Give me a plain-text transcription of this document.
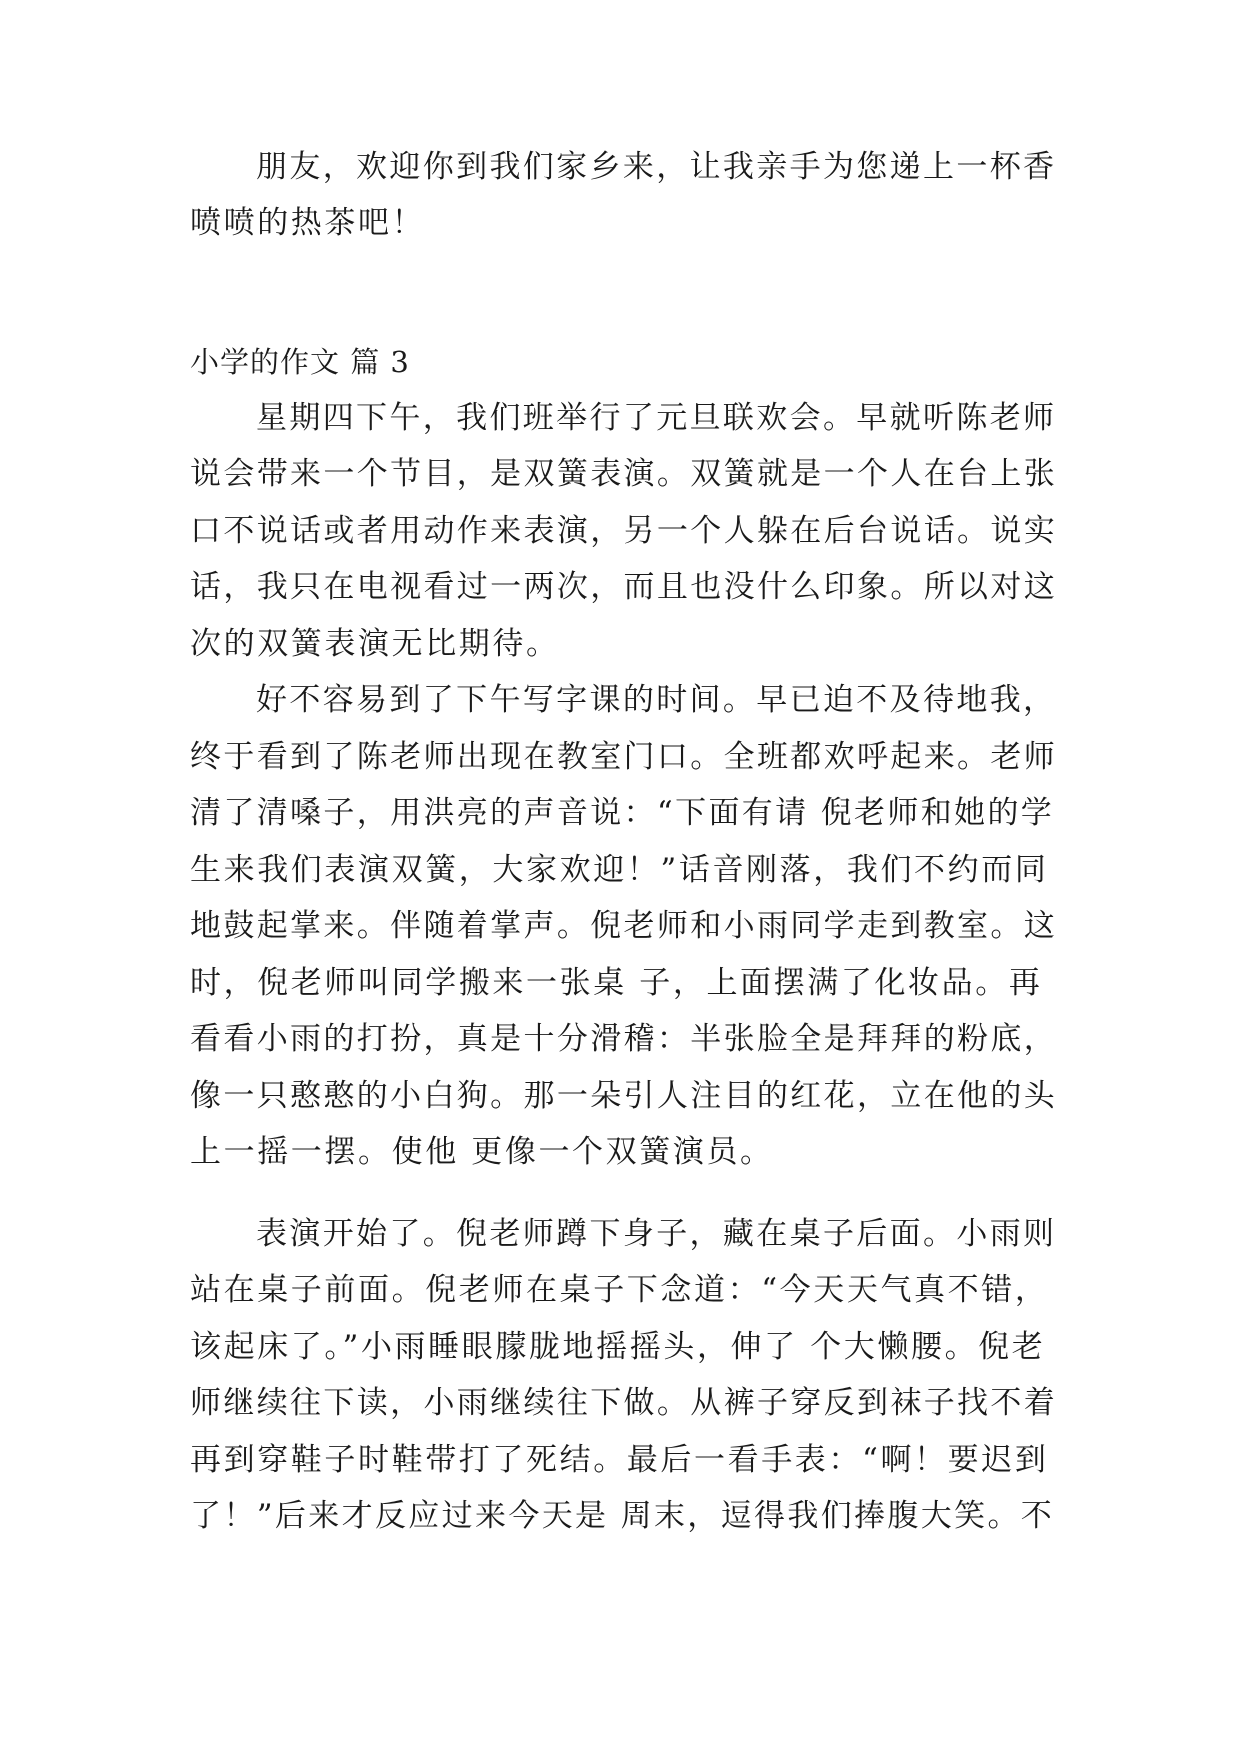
朋友，欢迎你到我们家乡来，让我亲手为您递上一杯香
喷喷的热茶吧！
小学的作文 篇 3
星期四下午，我们班举行了元旦联欢会。早就听陈老师
说会带来一个节目，是双簧表演。双簧就是一个人在台上张
口不说话或者用动作来表演，另一个人躲在后台说话。说实
话，我只在电视看过一两次，而且也没什么印象。所以对这
次的双簧表演无比期待。
好不容易到了下午写字课的时间。早已迫不及待地我，
终于看到了陈老师出现在教室门口。全班都欢呼起来。老师
清了清嗓子，用洪亮的声音说：“下面有请 倪老师和她的学
生来我们表演双簧，大家欢迎！”话音刚落，我们不约而同
地鼓起掌来。伴随着掌声。倪老师和小雨同学走到教室。这
时，倪老师叫同学搬来一张桌 子，上面摆满了化妆品。再
看看小雨的打扮，真是十分滑稽：半张脸全是拜拜的粉底，
像一只憨憨的小白狗。那一朵引人注目的红花，立在他的头
上一摇一摆。使他 更像一个双簧演员。
表演开始了。倪老师蹲下身子，藏在桌子后面。小雨则
站在桌子前面。倪老师在桌子下念道：“今天天气真不错，
该起床了。”小雨睡眼朦胧地摇摇头，伸了 个大懒腰。倪老
师继续往下读，小雨继续往下做。从裤子穿反到袜子找不着
再到穿鞋子时鞋带打了死结。最后一看手表：“啊！要迟到
了！”后来才反应过来今天是 周末，逗得我们捧腹大笑。不
